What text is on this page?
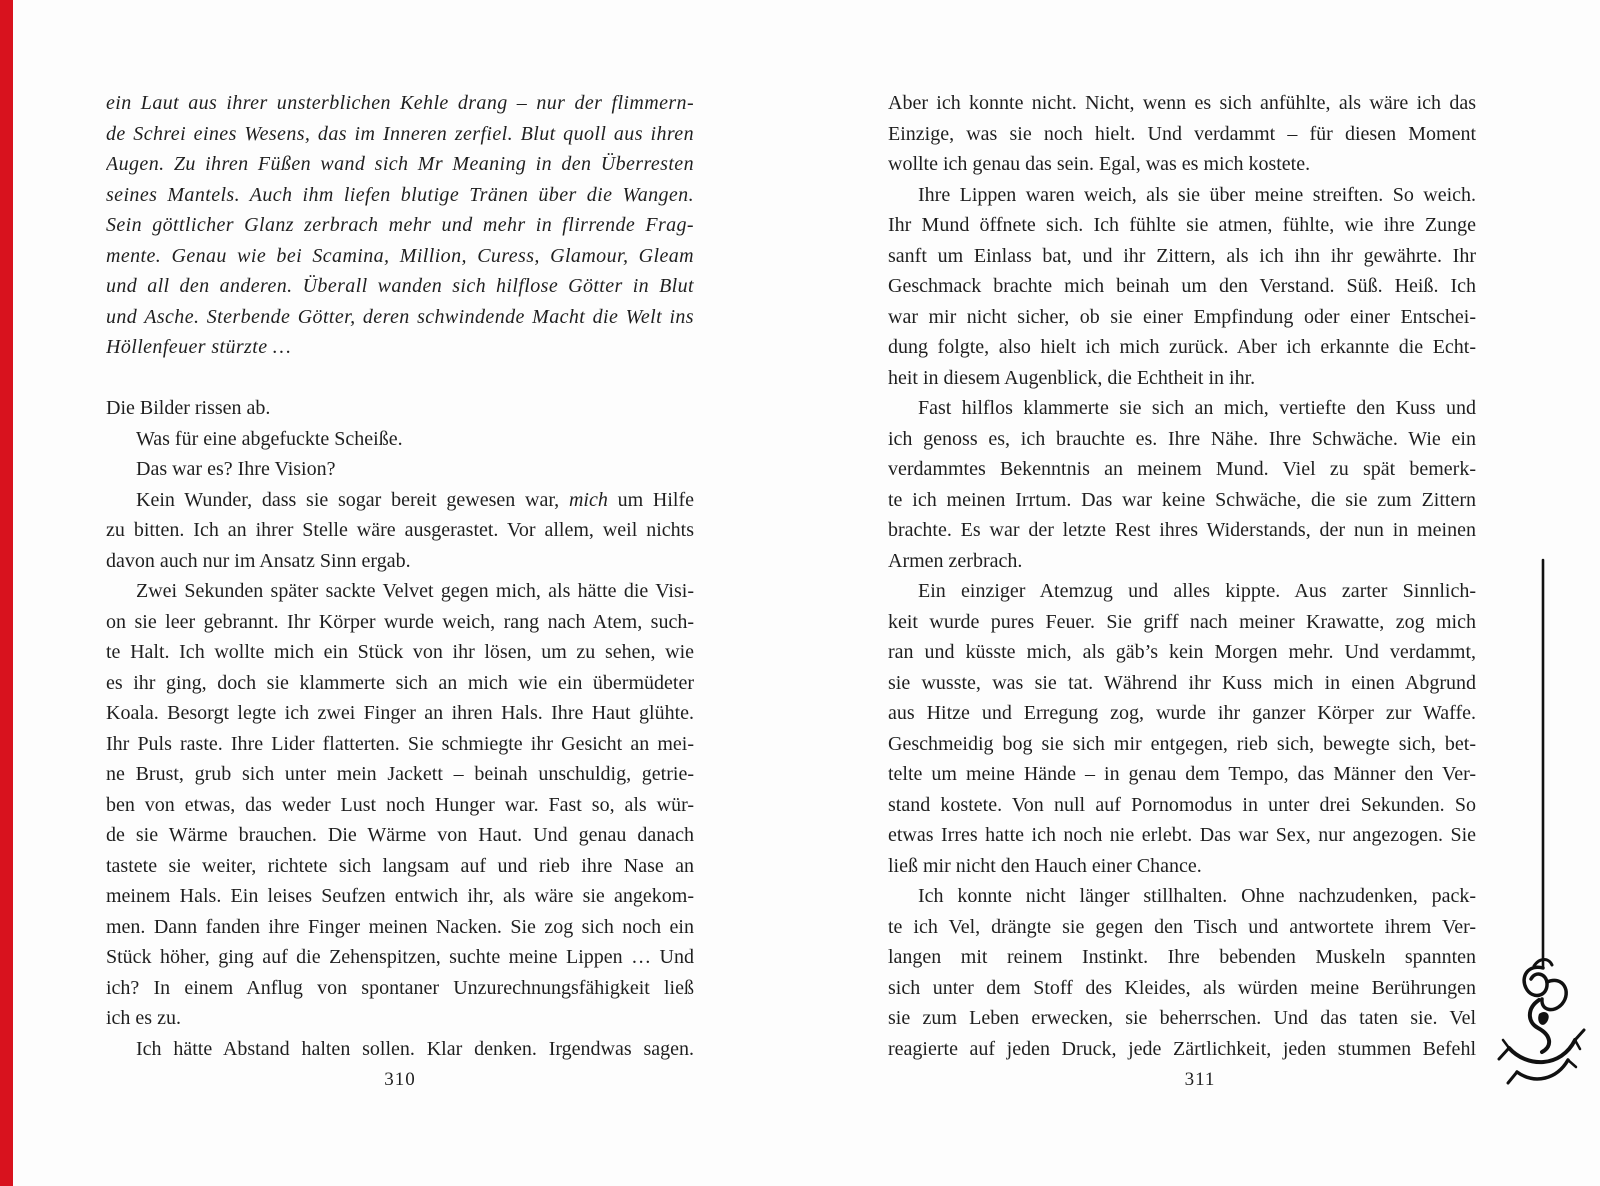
ein Laut aus ihrer unsterblichen Kehle drang – nur der flimmern-
de Schrei eines Wesens, das im Inneren zerfiel. Blut quoll aus ihren
Augen. Zu ihren Füßen wand sich Mr Meaning in den Überresten
seines Mantels. Auch ihm liefen blutige Tränen über die Wangen.
Sein göttlicher Glanz zerbrach mehr und mehr in flirrende Frag-
mente. Genau wie bei Scamina, Million, Curess, Glamour, Gleam
und all den anderen. Überall wanden sich hilflose Götter in Blut
und Asche. Sterbende Götter, deren schwindende Macht die Welt ins
Höllenfeuer stürzte …
Die Bilder rissen ab.
Was für eine abgefuckte Scheiße.
Das war es? Ihre Vision?
Kein Wunder, dass sie sogar bereit gewesen war, mich um Hilfe
zu bitten. Ich an ihrer Stelle wäre ausgerastet. Vor allem, weil nichts
davon auch nur im Ansatz Sinn ergab.
Zwei Sekunden später sackte Velvet gegen mich, als hätte die Visi-
on sie leer gebrannt. Ihr Körper wurde weich, rang nach Atem, such-
te Halt. Ich wollte mich ein Stück von ihr lösen, um zu sehen, wie
es ihr ging, doch sie klammerte sich an mich wie ein übermüdeter
Koala. Besorgt legte ich zwei Finger an ihren Hals. Ihre Haut glühte.
Ihr Puls raste. Ihre Lider flatterten. Sie schmiegte ihr Gesicht an mei-
ne Brust, grub sich unter mein Jackett – beinah unschuldig, getrie-
ben von etwas, das weder Lust noch Hunger war. Fast so, als wür-
de sie Wärme brauchen. Die Wärme von Haut. Und genau danach
tastete sie weiter, richtete sich langsam auf und rieb ihre Nase an
meinem Hals. Ein leises Seufzen entwich ihr, als wäre sie angekom-
men. Dann fanden ihre Finger meinen Nacken. Sie zog sich noch ein
Stück höher, ging auf die Zehenspitzen, suchte meine Lippen … Und
ich? In einem Anflug von spontaner Unzurechnungsfähigkeit ließ
ich es zu.
Ich hätte Abstand halten sollen. Klar denken. Irgendwas sagen.
Aber ich konnte nicht. Nicht, wenn es sich anfühlte, als wäre ich das
Einzige, was sie noch hielt. Und verdammt – für diesen Moment
wollte ich genau das sein. Egal, was es mich kostete.
Ihre Lippen waren weich, als sie über meine streiften. So weich.
Ihr Mund öffnete sich. Ich fühlte sie atmen, fühlte, wie ihre Zunge
sanft um Einlass bat, und ihr Zittern, als ich ihn ihr gewährte. Ihr
Geschmack brachte mich beinah um den Verstand. Süß. Heiß. Ich
war mir nicht sicher, ob sie einer Empfindung oder einer Entschei-
dung folgte, also hielt ich mich zurück. Aber ich erkannte die Echt-
heit in diesem Augenblick, die Echtheit in ihr.
Fast hilflos klammerte sie sich an mich, vertiefte den Kuss und
ich genoss es, ich brauchte es. Ihre Nähe. Ihre Schwäche. Wie ein
verdammtes Bekenntnis an meinem Mund. Viel zu spät bemerk-
te ich meinen Irrtum. Das war keine Schwäche, die sie zum Zittern
brachte. Es war der letzte Rest ihres Widerstands, der nun in meinen
Armen zerbrach.
Ein einziger Atemzug und alles kippte. Aus zarter Sinnlich-
keit wurde pures Feuer. Sie griff nach meiner Krawatte, zog mich
ran und küsste mich, als gäb’s kein Morgen mehr. Und verdammt,
sie wusste, was sie tat. Während ihr Kuss mich in einen Abgrund
aus Hitze und Erregung zog, wurde ihr ganzer Körper zur Waffe.
Geschmeidig bog sie sich mir entgegen, rieb sich, bewegte sich, bet-
telte um meine Hände – in genau dem Tempo, das Männer den Ver-
stand kostete. Von null auf Pornomodus in unter drei Sekunden. So
etwas Irres hatte ich noch nie erlebt. Das war Sex, nur angezogen. Sie
ließ mir nicht den Hauch einer Chance.
Ich konnte nicht länger stillhalten. Ohne nachzudenken, pack-
te ich Vel, drängte sie gegen den Tisch und antwortete ihrem Ver-
langen mit reinem Instinkt. Ihre bebenden Muskeln spannten
sich unter dem Stoff des Kleides, als würden meine Berührungen
sie zum Leben erwecken, sie beherrschen. Und das taten sie. Vel
reagierte auf jeden Druck, jede Zärtlichkeit, jeden stummen Befehl
310	311
